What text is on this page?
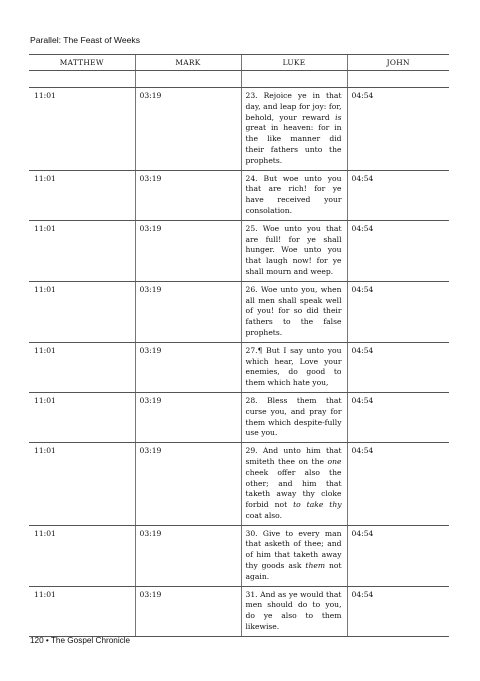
Parallel: The Feast of Weeks
MATTHEW	MARK	LUKE	JOHN

11:01	03:19	23. Rejoice ye in that day, and leap for joy: for, behold, your reward is great in heaven: for in the like manner did their fathers unto the prophets.	04:54
11:01	03:19	24. But woe unto you that are rich! for ye have received your consolation.	04:54
11:01	03:19	25. Woe unto you that are full! for ye shall hunger. Woe unto you that laugh now! for ye shall mourn and weep.	04:54
11:01	03:19	26. Woe unto you, when all men shall speak well of you! for so did their fathers to the false prophets.	04:54
11:01	03:19	27.¶ But I say unto you which hear, Love your enemies, do good to them which hate you,	04:54
11:01	03:19	28. Bless them that curse you, and pray for them which despite-fully use you.	04:54
11:01	03:19	29. And unto him that smiteth thee on the one cheek offer also the other; and him that taketh away thy cloke forbid not to take thy coat also.	04:54
11:01	03:19	30. Give to every man that asketh of thee; and of him that taketh away thy goods ask them not again.	04:54
11:01	03:19	31. And as ye would that men should do to you, do ye also to them likewise.	04:54
120 • The Gospel Chronicle
